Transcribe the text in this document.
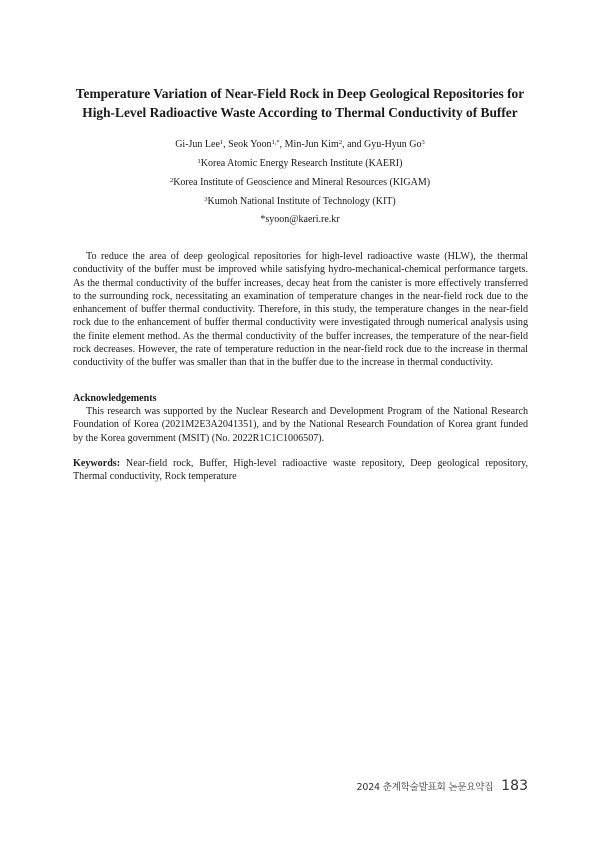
Temperature Variation of Near-Field Rock in Deep Geological Repositories for
High-Level Radioactive Waste According to Thermal Conductivity of Buffer
Gi-Jun Lee$^1$, Seok Yoon$^{1,*}$, Min-Jun Kim$^2$, and Gyu-Hyun Go$^3$
$^1$Korea Atomic Energy Research Institute (KAERI)
$^2$Korea Institute of Geoscience and Mineral Resources (KIGAM)
$^3$Kumoh National Institute of Technology (KIT)
*syoon@kaeri.re.kr

To reduce the area of deep geological repositories for high-level radioactive waste (HLW), the thermal conductivity of the buffer must be improved while satisfying hydro-mechanical-chemical performance targets. As the thermal conductivity of the buffer increases, decay heat from the canister is more effectively transferred to the surrounding rock, necessitating an examination of temperature changes in the near-field rock due to the enhancement of buffer thermal conductivity. Therefore, in this study, the temperature changes in the near-field rock due to the enhancement of buffer thermal conductivity were investigated through numerical analysis using the finite element method. As the thermal conductivity of the buffer increases, the temperature of the near-field rock decreases. However, the rate of temperature reduction in the near-field rock due to the increase in thermal conductivity of the buffer was smaller than that in the buffer due to the increase in thermal conductivity.

Acknowledgements

This research was supported by the Nuclear Research and Development Program of the National Research Foundation of Korea (2021M2E3A2041351), and by the National Research Foundation of Korea grant funded by the Korea government (MSIT) (No. 2022R1C1C1006507).

Keywords: Near-field rock, Buffer, High-level radioactive waste repository, Deep geological repository, Thermal conductivity, Rock temperature

2024 춘계학술발표회 논문요약집 183
